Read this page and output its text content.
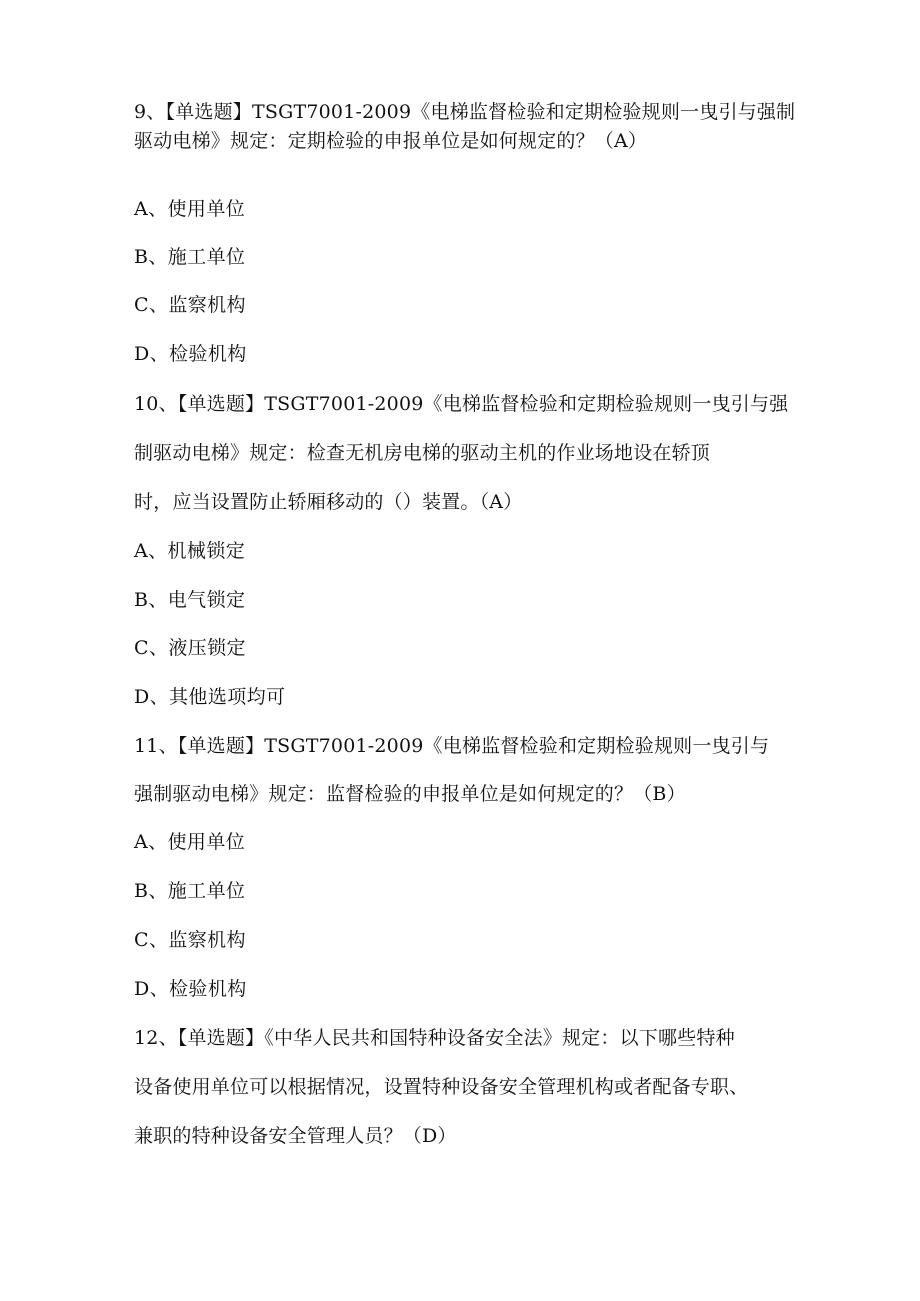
9、【单选题】TSGT7001-2009《电梯监督检验和定期检验规则一曳引与强制
驱动电梯》规定：定期检验的申报单位是如何规定的？（A）
A、使用单位
B、施工单位
C、监察机构
D、检验机构
10、【单选题】TSGT7001-2009《电梯监督检验和定期检验规则一曳引与强
制驱动电梯》规定：检查无机房电梯的驱动主机的作业场地设在轿顶
时，应当设置防止轿厢移动的（）装置。（A）
A、机械锁定
B、电气锁定
C、液压锁定
D、其他选项均可
11、【单选题】TSGT7001-2009《电梯监督检验和定期检验规则一曳引与
强制驱动电梯》规定：监督检验的申报单位是如何规定的？（B）
A、使用单位
B、施工单位
C、监察机构
D、检验机构
12、【单选题】《中华人民共和国特种设备安全法》规定：以下哪些特种
设备使用单位可以根据情况，设置特种设备安全管理机构或者配备专职、
兼职的特种设备安全管理人员？（D）
